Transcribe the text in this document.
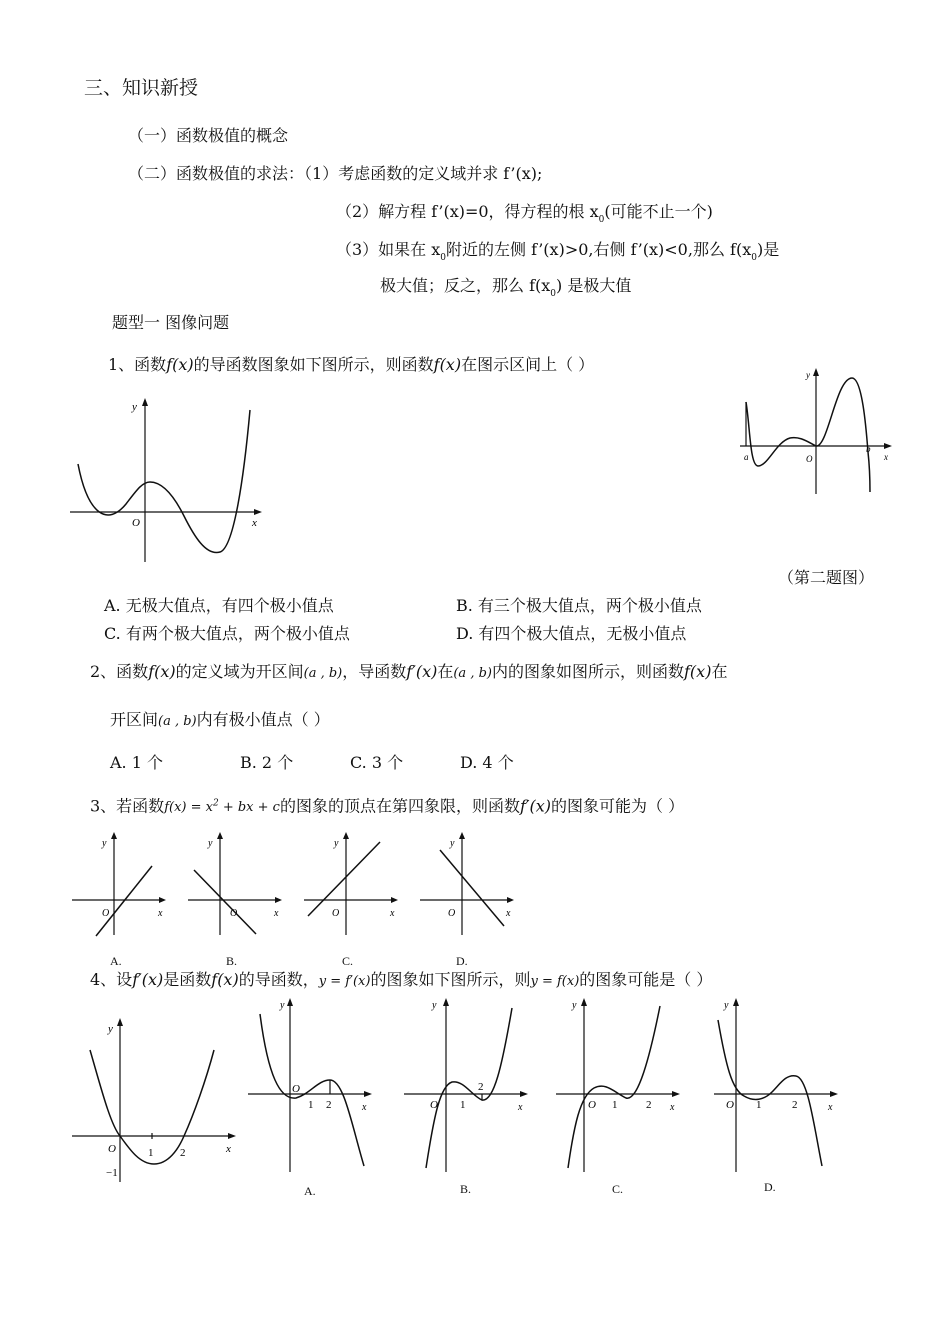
三、知识新授
（一）函数极值的概念
（二）函数极值的求法：（1）考虑函数的定义域并求 f’(x);
（2）解方程 f’(x)=0，得方程的根 $x_0$(可能不止一个)
（3）如果在 $x_0$附近的左侧 f’(x)>0,右侧 f’(x)<0,那么 $f(x_0)$是
极大值；反之，那么 $f(x_0)$ 是极大值
题型一 图像问题
1、函数f(x)的导函数图象如下图所示，则函数f(x)在图示区间上（ ）
y
x
O
a
b
x
y
O
（第二题图）
A. 无极大值点，有四个极小值点	B. 有三个极大值点，两个极小值点
C. 有两个极大值点，两个极小值点	D. 有四个极大值点，无极小值点
2、函数f(x)的定义域为开区间(a , b)，导函数f′(x)在(a , b)内的图象如图所示，则函数f(x)在
开区间(a , b)内有极小值点（ ）
A. 1 个	B. 2 个	C. 3 个	D. 4 个
3、若函数$f(x) = x^2$ + bx + c的图象的顶点在第四象限，则函数f′(x)的图象可能为（ ）
y
x
O
A.
y
x
O
B.
y
x
O
C.
y
x
O
D.
4、设f′(x)是函数f(x)的导函数，y = f′(x)的图象如下图所示，则y = f(x)的图象可能是（ ）
y
x
O	1 2
−1
y
x
O
1 2
A.
y
x
O 1
2
B.
y
x
O 1	2
C.
y
x
O 1	2
D.
